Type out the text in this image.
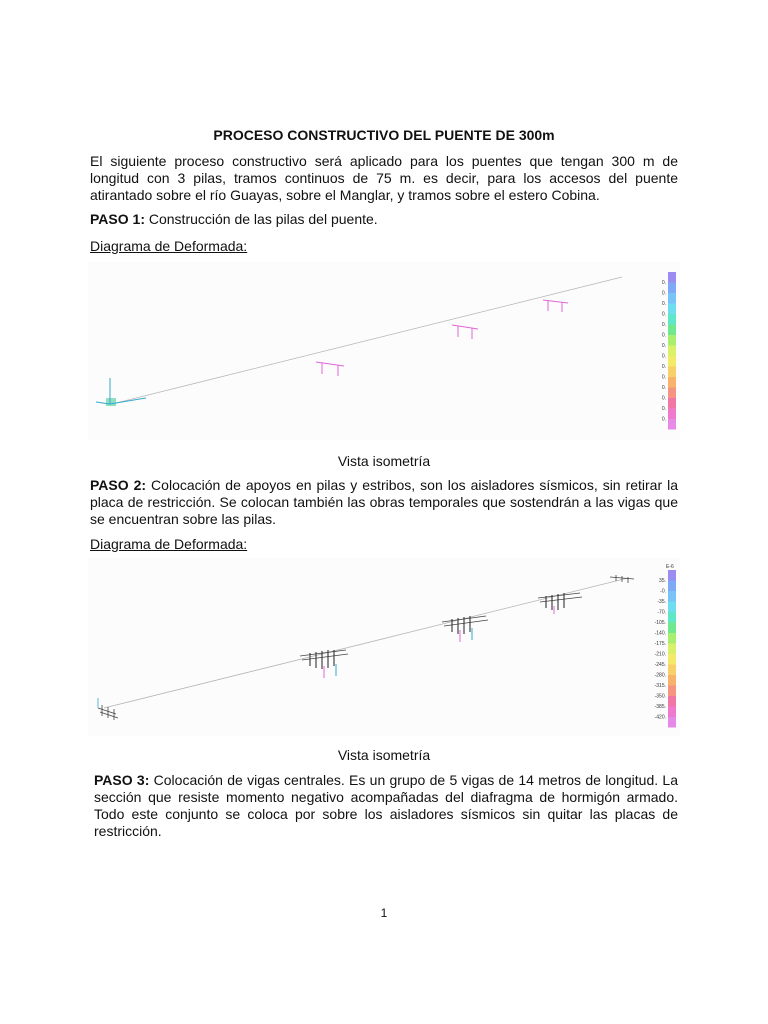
PROCESO CONSTRUCTIVO DEL PUENTE DE 300m
El siguiente proceso constructivo será aplicado para los puentes que tengan 300 m de longitud con 3 pilas, tramos continuos de 75 m. es decir, para los accesos del puente atirantado sobre el río Guayas, sobre el Manglar, y tramos sobre el estero Cobina.
PASO 1: Construcción de las pilas del puente.
Diagrama de Deformada:
0.
0.
0.
0.
0.
0.
0.
0.
0.
0.
0.
0.
0.
0.
Vista isometría
PASO 2: Colocación de apoyos en pilas y estribos, son los aisladores sísmicos, sin retirar la placa de restricción. Se colocan también las obras temporales que sostendrán a las vigas que se encuentran sobre las pilas.
Diagrama de Deformada:
E-6
35.
-0.
-35.
-70.
-105.
-140.
-175.
-210.
-245.
-280.
-315.
-350.
-385.
-420.
Vista isometría
PASO 3: Colocación de vigas centrales. Es un grupo de 5 vigas de 14 metros de longitud. La sección que resiste momento negativo acompañadas del diafragma de hormigón armado. Todo este conjunto se coloca por sobre los aisladores sísmicos sin quitar las placas de restricción.
1
